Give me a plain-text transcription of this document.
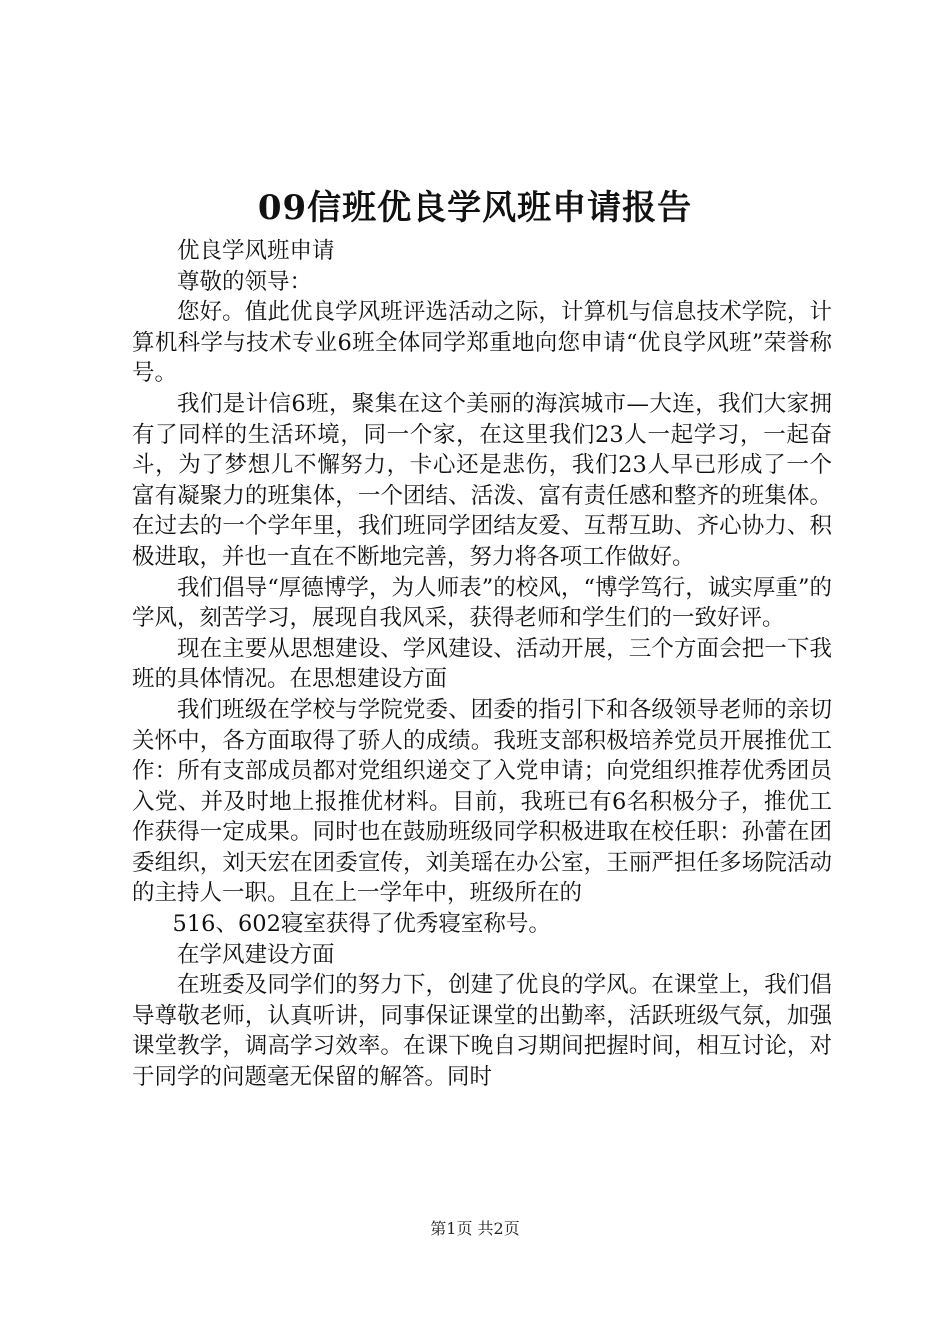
09信班优良学风班申请报告

优良学风班申请

尊敬的领导：

您好。值此优良学风班评选活动之际，计算机与信息技术学院，计算机科学与技术专业6班全体同学郑重地向您申请“优良学风班”荣誉称号。

我们是计信6班，聚集在这个美丽的海滨城市—大连，我们大家拥有了同样的生活环境，同一个家，在这里我们23人一起学习，一起奋斗，为了梦想儿不懈努力，卡心还是悲伤，我们23人早已形成了一个富有凝聚力的班集体，一个团结、活泼、富有责任感和整齐的班集体。在过去的一个学年里，我们班同学团结友爱、互帮互助、齐心协力、积极进取，并也一直在不断地完善，努力将各项工作做好。

我们倡导“厚德博学，为人师表”的校风，“博学笃行，诚实厚重”的学风，刻苦学习，展现自我风采，获得老师和学生们的一致好评。

现在主要从思想建设、学风建设、活动开展，三个方面会把一下我班的具体情况。在思想建设方面

我们班级在学校与学院党委、团委的指引下和各级领导老师的亲切关怀中，各方面取得了骄人的成绩。我班支部积极培养党员开展推优工作：所有支部成员都对党组织递交了入党申请；向党组织推荐优秀团员入党、并及时地上报推优材料。目前，我班已有6名积极分子，推优工作获得一定成果。同时也在鼓励班级同学积极进取在校任职：孙蕾在团委组织，刘天宏在团委宣传，刘美瑶在办公室，王丽严担任多场院活动的主持人一职。且在上一学年中，班级所在的

516、602寝室获得了优秀寝室称号。

在学风建设方面

在班委及同学们的努力下，创建了优良的学风。在课堂上，我们倡导尊敬老师，认真听讲，同事保证课堂的出勤率，活跃班级气氛，加强课堂教学，调高学习效率。在课下晚自习期间把握时间，相互讨论，对于同学的问题毫无保留的解答。同时

第1页 共2页
